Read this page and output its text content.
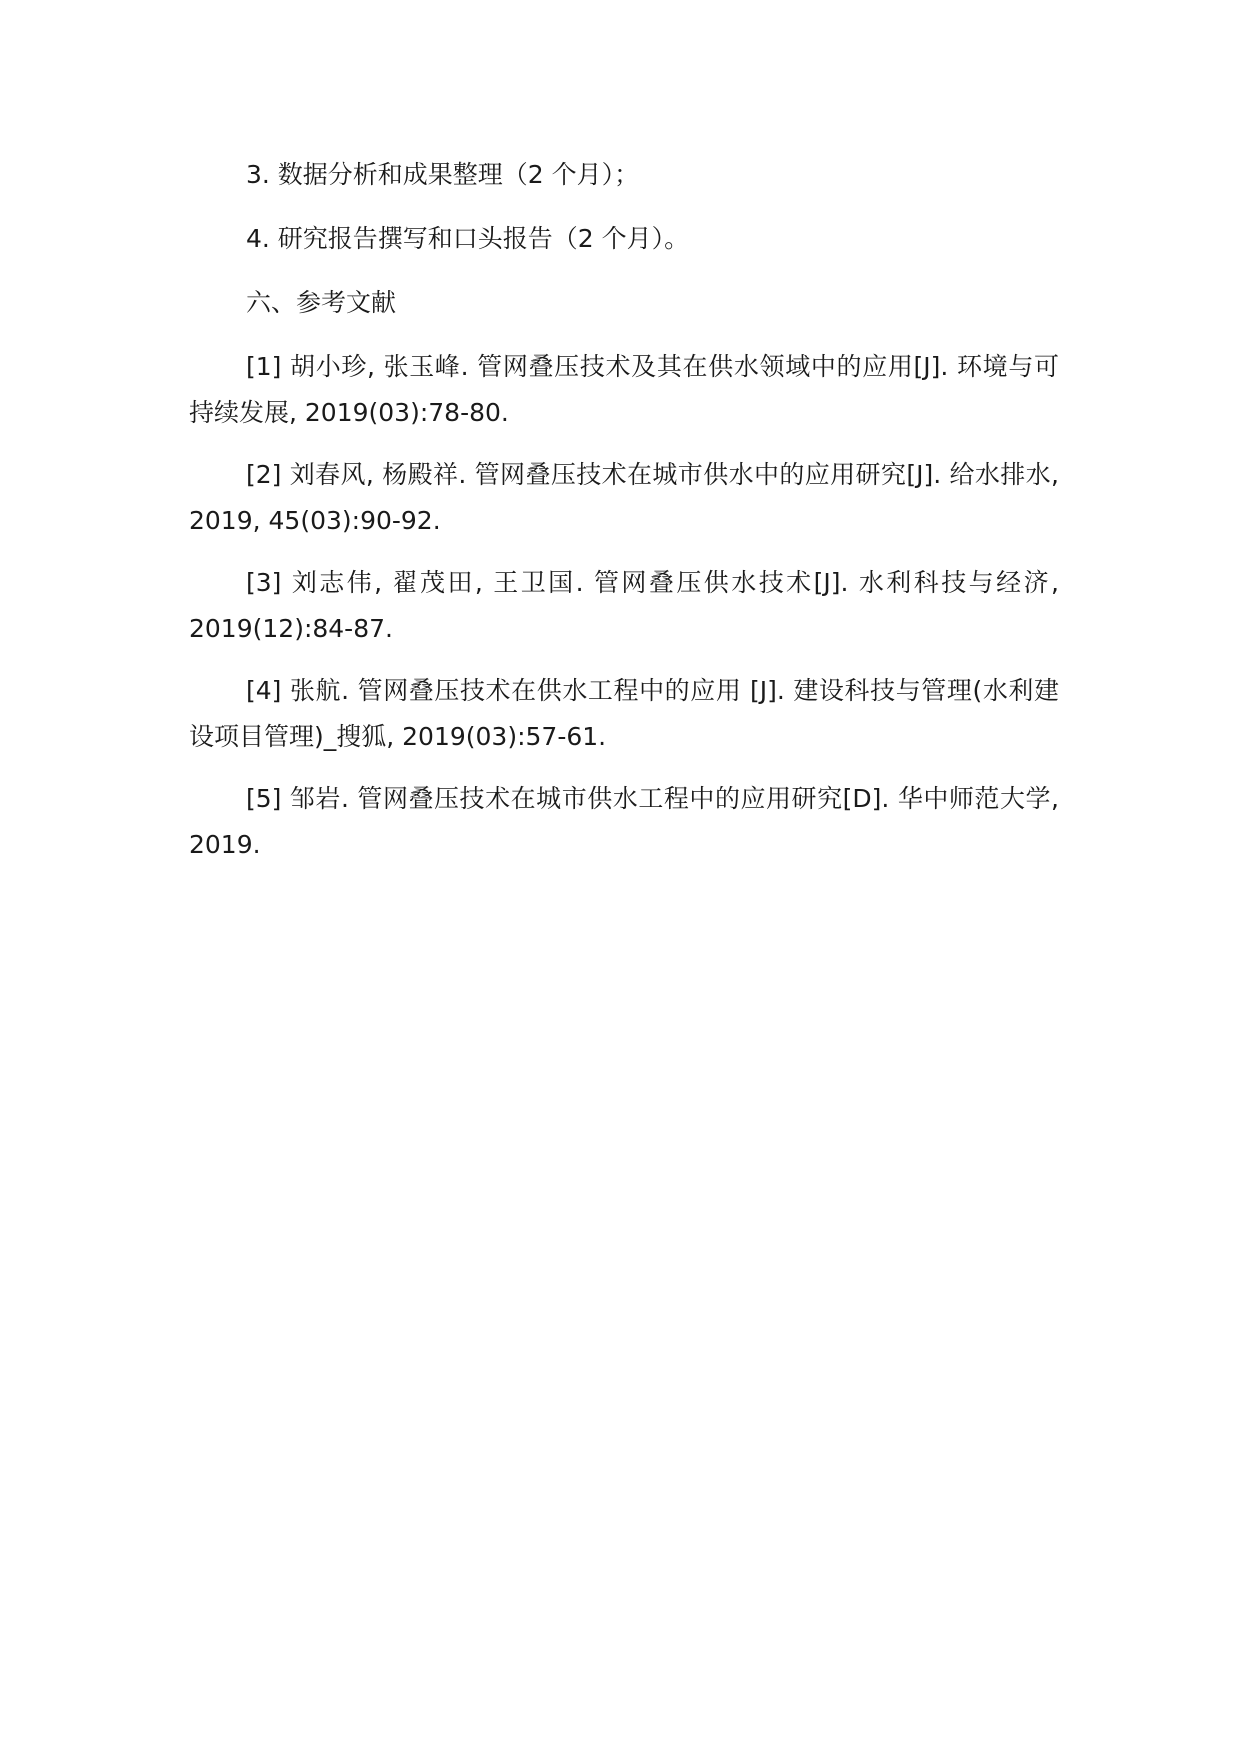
3. 数据分析和成果整理（2 个月）；

4. 研究报告撰写和口头报告（2 个月）。

六、参考文献

[1] 胡小珍, 张玉峰. 管网叠压技术及其在供水领域中的应用[J]. 环境与可持续发展, 2019(03):78-80.

[2] 刘春风, 杨殿祥. 管网叠压技术在城市供水中的应用研究[J]. 给水排水, 2019, 45(03):90-92.

[3] 刘志伟, 翟茂田, 王卫国. 管网叠压供水技术[J]. 水利科技与经济, 2019(12):84-87.

[4] 张航. 管网叠压技术在供水工程中的应用 [J]. 建设科技与管理(水利建设项目管理)_搜狐, 2019(03):57-61.

[5] 邹岩. 管网叠压技术在城市供水工程中的应用研究[D]. 华中师范大学, 2019.
